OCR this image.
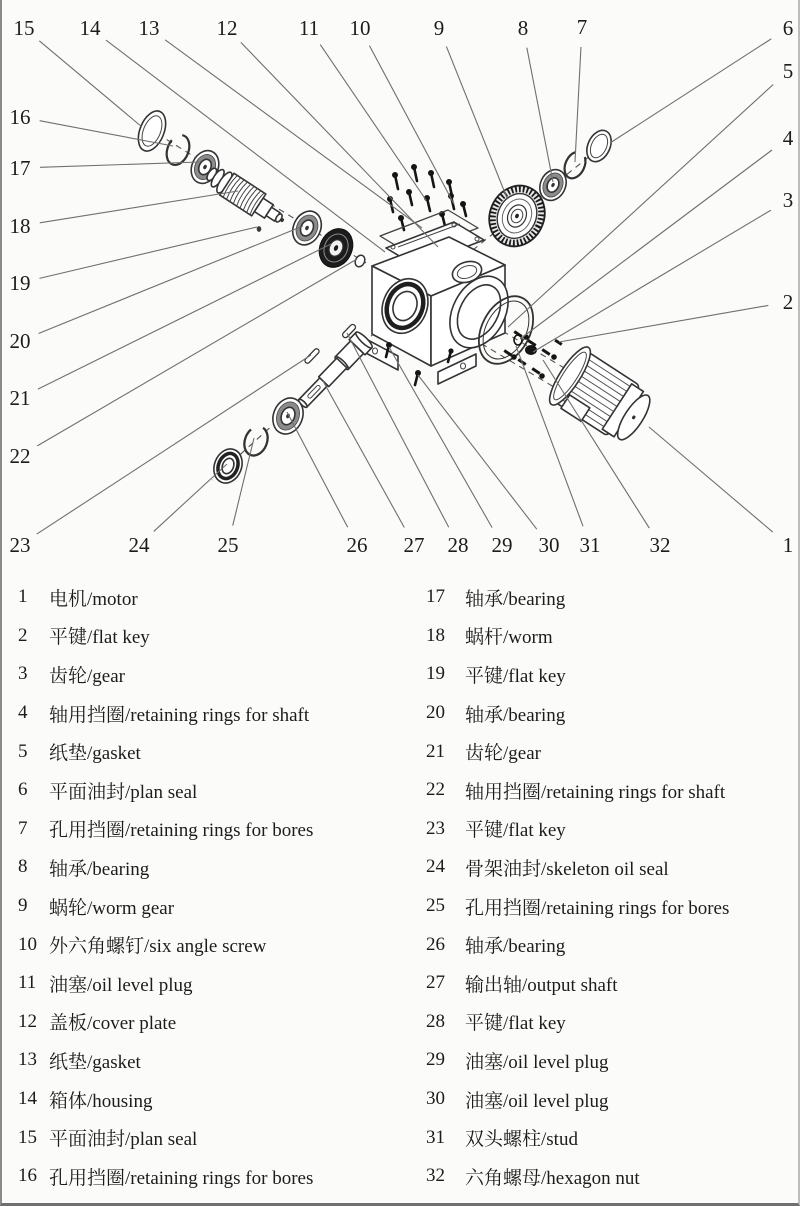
15 14 13	12	11 10	9	8 7	6
5
4
3
2
1
16
17
18
19
20
21
22
23	24	25	26 27 28 29 30 31 32
1	电机/motor
2	平键/flat key
3	齿轮/gear
4	轴用挡圈/retaining rings for shaft
5	纸垫/gasket
6	平面油封/plan seal
7	孔用挡圈/retaining rings for bores
8	轴承/bearing
9	蜗轮/worm gear
10 外六角螺钉/six angle screw
11 油塞/oil level plug
12 盖板/cover plate
13 纸垫/gasket
14 箱体/housing
15 平面油封/plan seal
16 孔用挡圈/retaining rings for bores
17	轴承/bearing
18	蜗杆/worm
19	平键/flat key
20	轴承/bearing
21	齿轮/gear
22	轴用挡圈/retaining rings for shaft
23	平键/flat key
24	骨架油封/skeleton oil seal
25	孔用挡圈/retaining rings for bores
26	轴承/bearing
27	输出轴/output shaft
28	平键/flat key
29	油塞/oil level plug
30	油塞/oil level plug
31	双头螺柱/stud
32	六角螺母/hexagon nut
